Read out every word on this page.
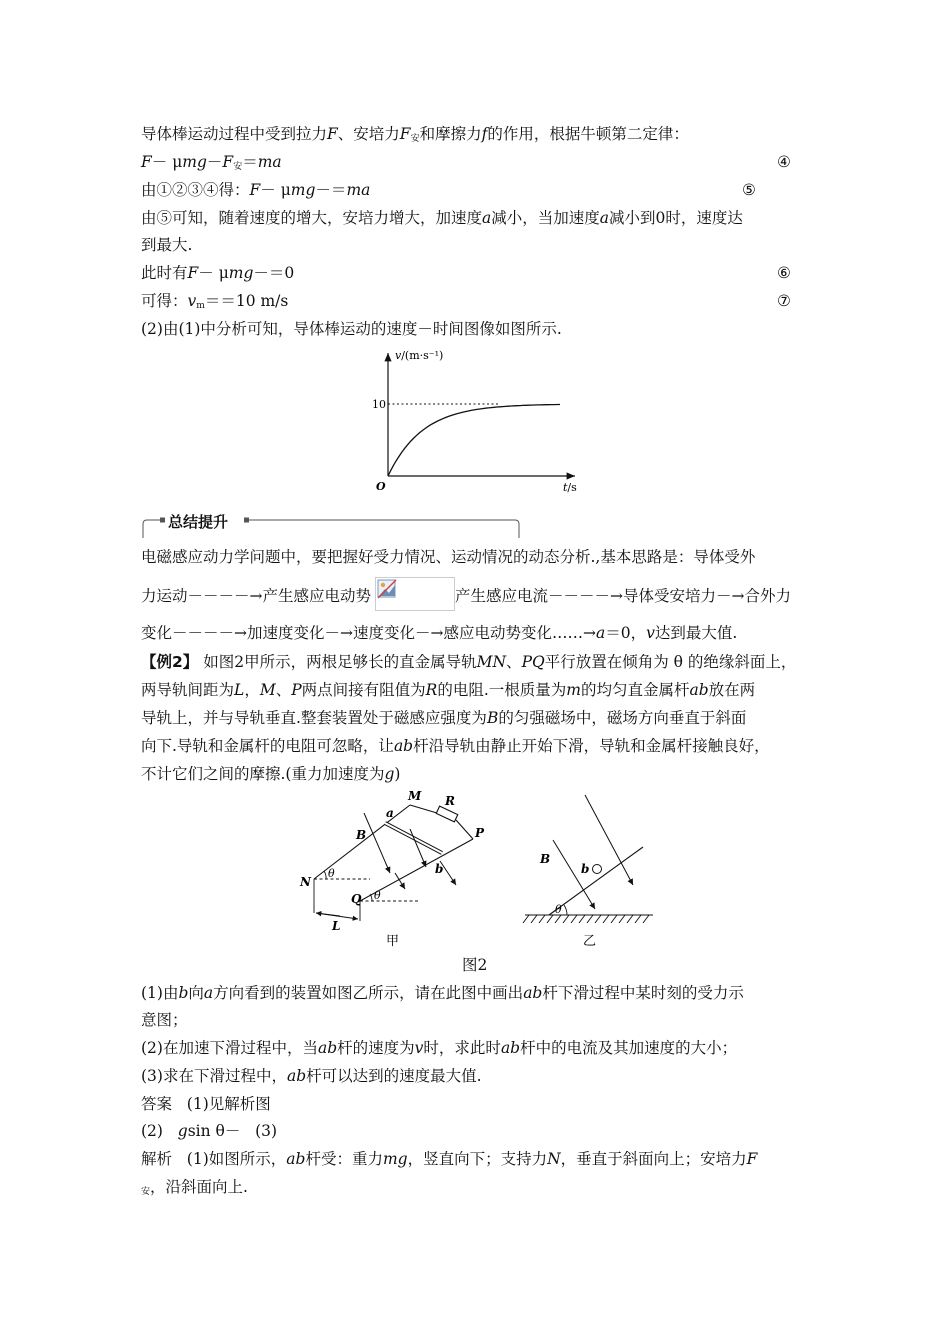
导体棒运动过程中受到拉力F、安培力$F_安$和摩擦力f的作用，根据牛顿第二定律：
$F- \mu mg-F_安=ma$	④
由①②③④得：F－ μmg－＝ma	⑤
由⑤可知，随着速度的增大，安培力增大，加速度a减小，当加速度a减小到0时，速度达
到最大.
此时有F－ μmg－＝0	⑥
可得：$v_m==10$ m/s	⑦
(2)由(1)中分析可知，导体棒运动的速度－时间图像如图所示.
v/(m·s⁻¹)
10
O	t/s
总结提升
电磁感应动力学问题中，要把握好受力情况、运动情况的动态分析.,基本思路是：导体受外
力运动－－－－→产生感应电动势	产生感应电流－－－－→导体受安培力－→合外力
变化－－－－→加速度变化－→速度变化－→感应电动势变化……→a＝0，v达到最大值.
【例2】 如图2甲所示，两根足够长的直金属导轨MN、PQ平行放置在倾角为 θ 的绝缘斜面上，
两导轨间距为L，M、P两点间接有阻值为R的电阻.一根质量为m的均匀直金属杆ab放在两
导轨上，并与导轨垂直.整套装置处于磁感应强度为B的匀强磁场中，磁场方向垂直于斜面
向下.导轨和金属杆的电阻可忽略，让ab杆沿导轨由静止开始下滑，导轨和金属杆接触良好，
不计它们之间的摩擦.(重力加速度为g)
M R
a
B	P
b
N
θ
Q θ
L
甲
B
b
θ
乙
图2
(1)由b向a方向看到的装置如图乙所示，请在此图中画出ab杆下滑过程中某时刻的受力示
意图；
(2)在加速下滑过程中，当ab杆的速度为v时，求此时ab杆中的电流及其加速度的大小；
(3)求在下滑过程中，ab杆可以达到的速度最大值.
答案 (1)见解析图
(2) gsin θ－ (3)
解析 (1)如图所示，ab杆受：重力mg，竖直向下；支持力N，垂直于斜面向上；安培力F
$_安$，沿斜面向上.
